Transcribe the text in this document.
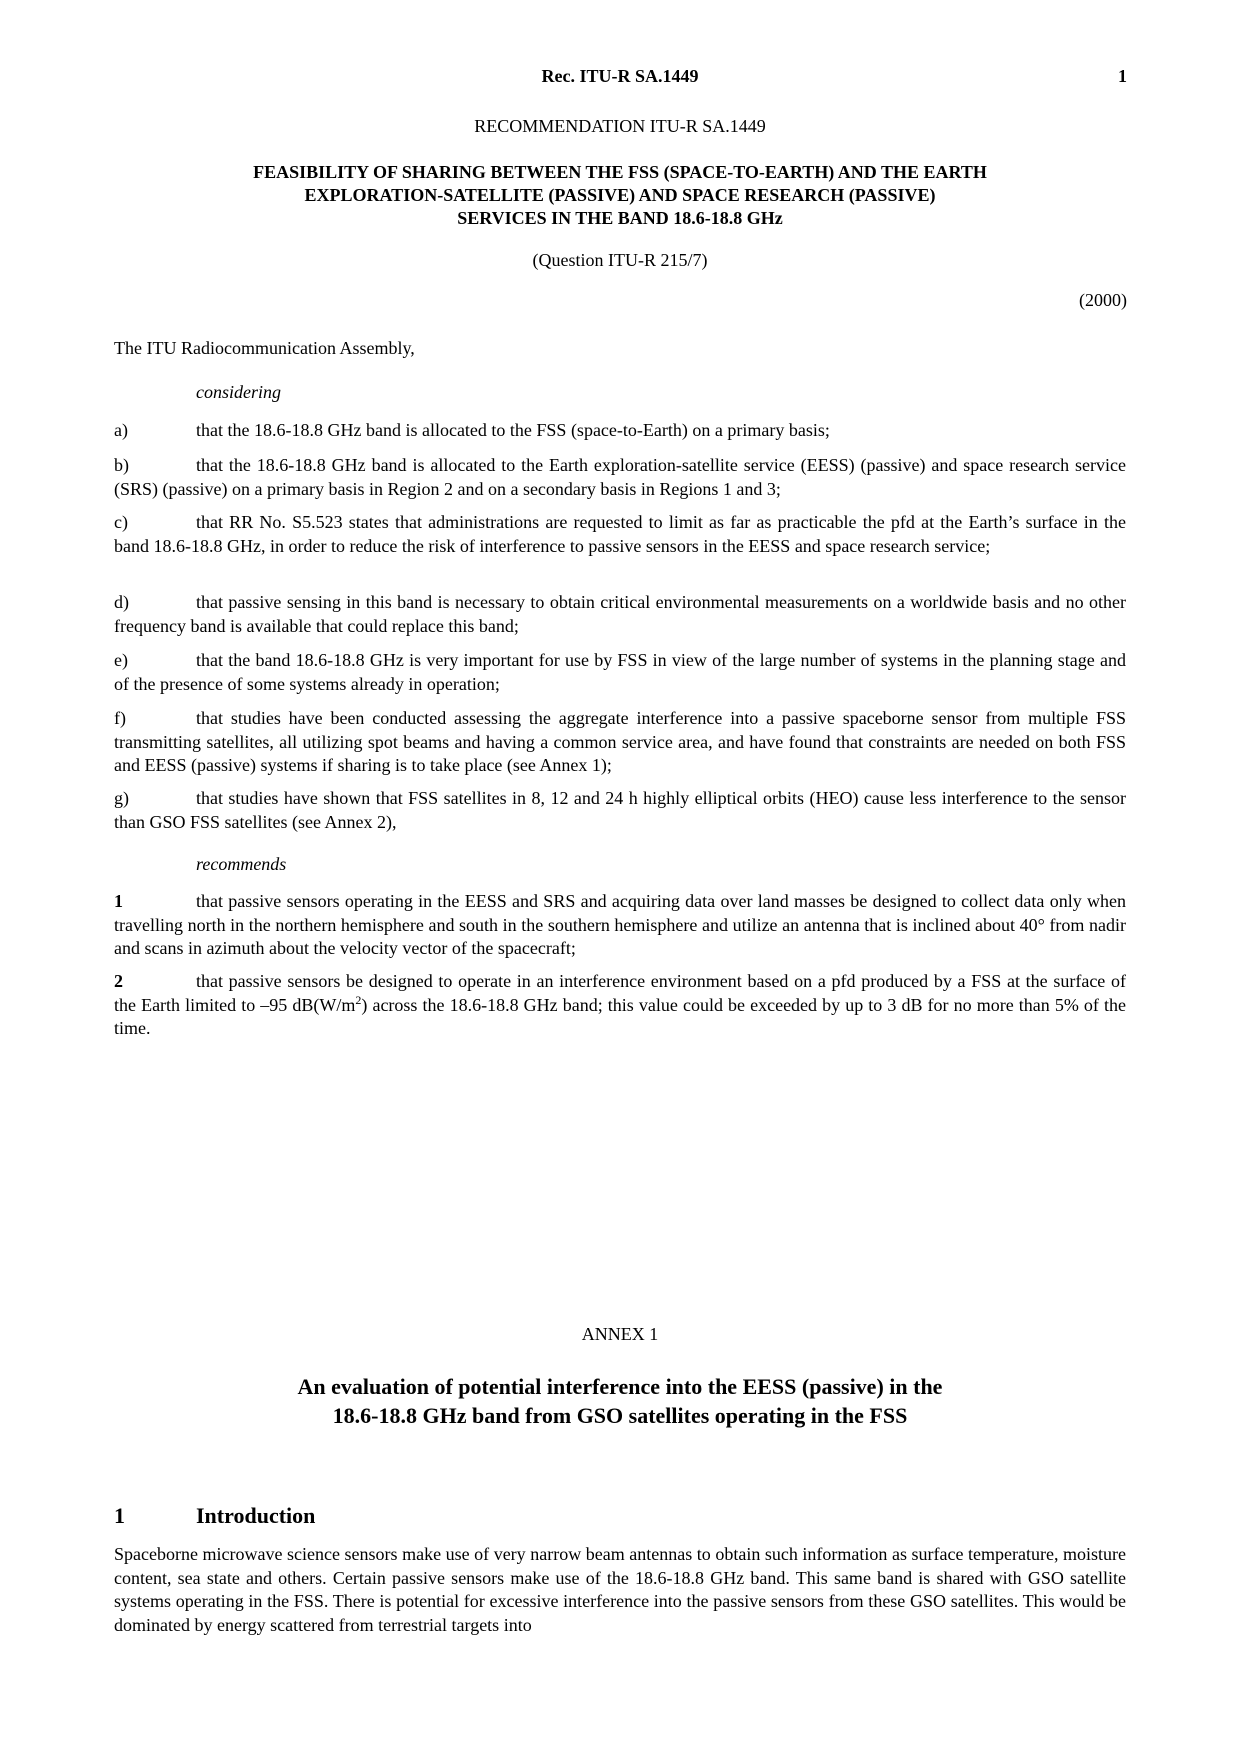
Rec. ITU-R SA.1449	1
RECOMMENDATION ITU-R SA.1449
FEASIBILITY OF SHARING BETWEEN THE FSS (SPACE-TO-EARTH) AND THE EARTH
EXPLORATION-SATELLITE (PASSIVE) AND SPACE RESEARCH (PASSIVE)
SERVICES IN THE BAND 18.6-18.8 GHz
(Question ITU-R 215/7)
(2000)
The ITU Radiocommunication Assembly,
considering

a)	that the 18.6-18.8 GHz band is allocated to the FSS (space-to-Earth) on a primary basis;

b)	that the 18.6-18.8 GHz band is allocated to the Earth exploration-satellite service (EESS) (passive) and space research service (SRS) (passive) on a primary basis in Region 2 and on a secondary basis in Regions 1 and 3;

c)	that RR No. S5.523 states that administrations are requested to limit as far as practicable the pfd at the Earth’s surface in the band 18.6-18.8 GHz, in order to reduce the risk of interference to passive sensors in the EESS and space research service;

d)	that passive sensing in this band is necessary to obtain critical environmental measurements on a worldwide basis and no other frequency band is available that could replace this band;

e)	that the band 18.6-18.8 GHz is very important for use by FSS in view of the large number of systems in the planning stage and of the presence of some systems already in operation;

f)	that studies have been conducted assessing the aggregate interference into a passive spaceborne sensor from multiple FSS transmitting satellites, all utilizing spot beams and having a common service area, and have found that constraints are needed on both FSS and EESS (passive) systems if sharing is to take place (see Annex 1);

g)	that studies have shown that FSS satellites in 8, 12 and 24 h highly elliptical orbits (HEO) cause less interference to the sensor than GSO FSS satellites (see Annex 2),

recommends

1	that passive sensors operating in the EESS and SRS and acquiring data over land masses be designed to collect data only when travelling north in the northern hemisphere and south in the southern hemisphere and utilize an antenna that is inclined about 40° from nadir and scans in azimuth about the velocity vector of the spacecraft;

2	that passive sensors be designed to operate in an interference environment based on a pfd produced by a FSS at the surface of the Earth limited to –95 $dB(W/m^2)$ across the 18.6-18.8 GHz band; this value could be exceeded by up to 3 dB for no more than 5% of the time.

ANNEX 1
An evaluation of potential interference into the EESS (passive) in the
18.6-18.8 GHz band from GSO satellites operating in the FSS
1	Introduction

Spaceborne microwave science sensors make use of very narrow beam antennas to obtain such information as surface temperature, moisture content, sea state and others. Certain passive sensors make use of the 18.6-18.8 GHz band. This same band is shared with GSO satellite systems operating in the FSS. There is potential for excessive interference into the passive sensors from these GSO satellites. This would be dominated by energy scattered from terrestrial targets into
